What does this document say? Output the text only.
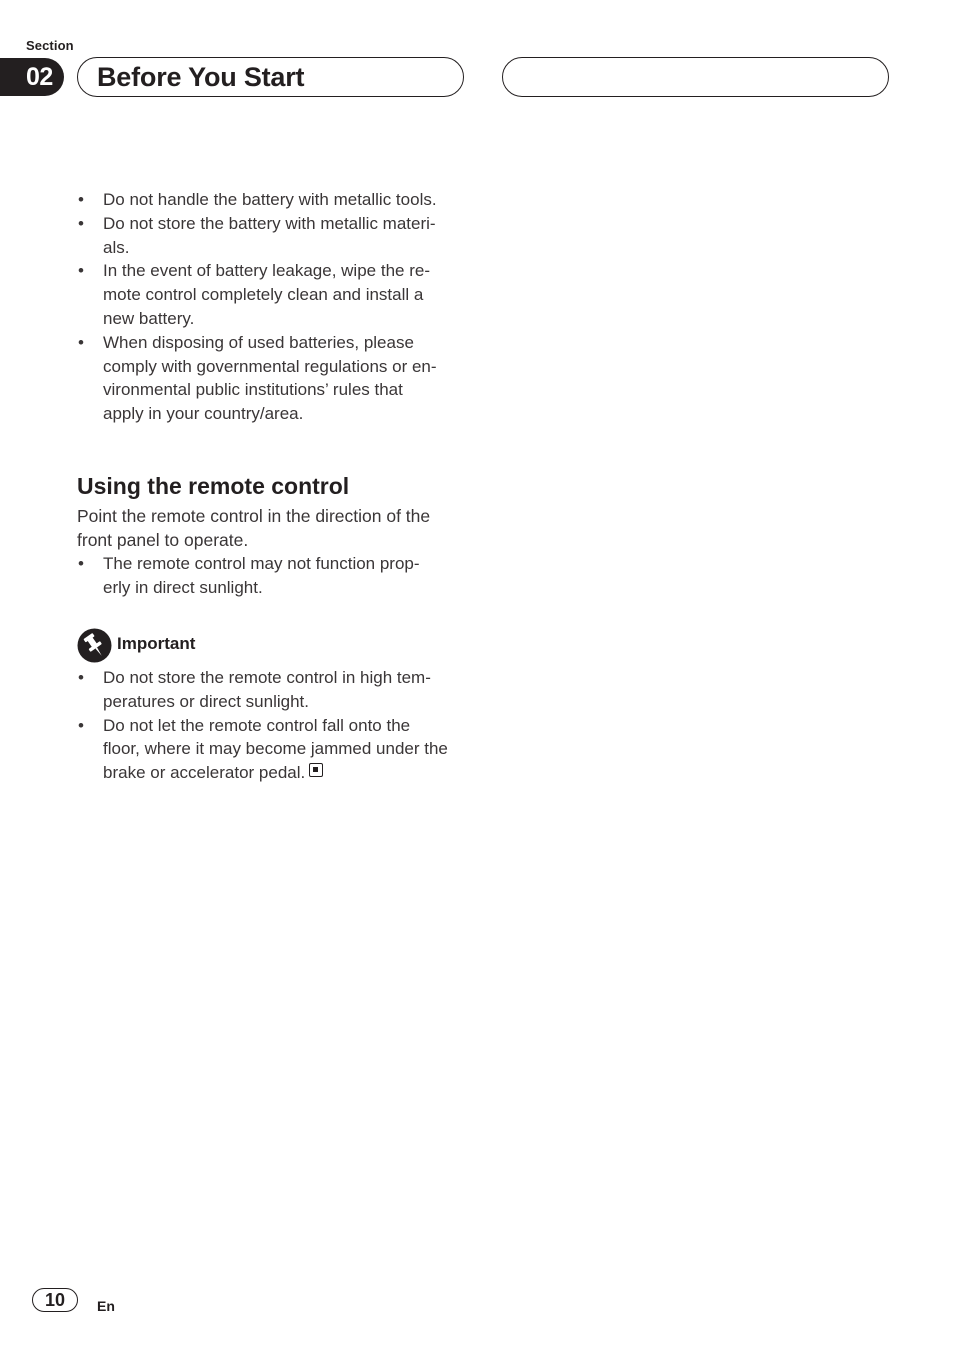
Section
02	Before You Start
• Do not handle the battery with metallic tools.
• Do not store the battery with metallic materi-
als.
• In the event of battery leakage, wipe the re-
mote control completely clean and install a
new battery.
• When disposing of used batteries, please
comply with governmental regulations or en-
vironmental public institutions’ rules that
apply in your country/area.
Using the remote control

Point the remote control in the direction of the
front panel to operate.

• The remote control may not function prop-
erly in direct sunlight.
Important
• Do not store the remote control in high tem-
peratures or direct sunlight.
• Do not let the remote control fall onto the
floor, where it may become jammed under the
brake or accelerator pedal.
10	En
